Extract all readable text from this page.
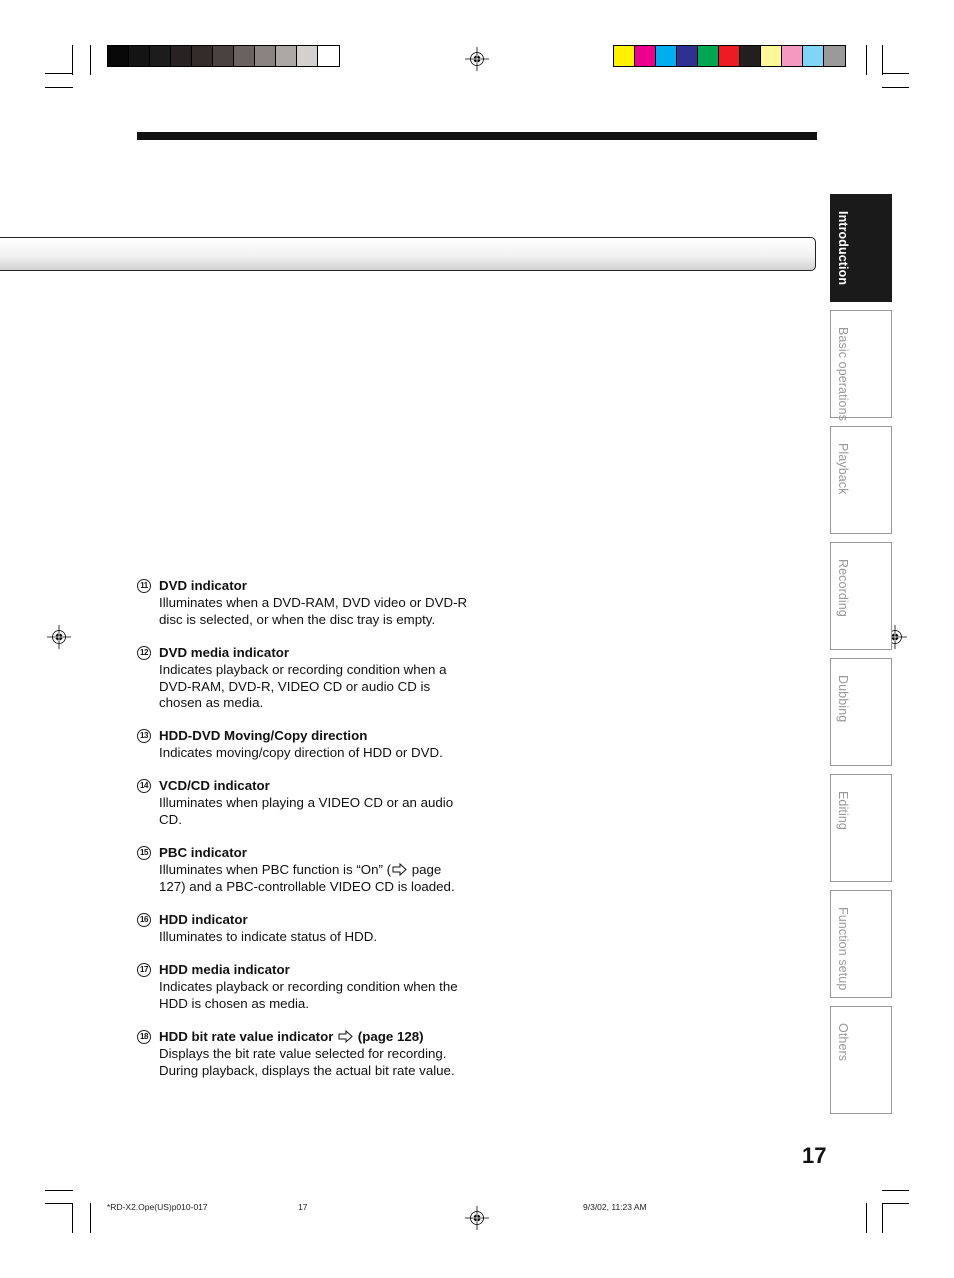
Introduction
Basic operations
Playback
Recording
Dubbing
Editing
Function setup
Others
11 DVD indicator
Illuminates when a DVD-RAM, DVD video or DVD-R disc is selected, or when the disc tray is empty.
12 DVD media indicator
Indicates playback or recording condition when a DVD-RAM, DVD-R, VIDEO CD or audio CD is chosen as media.
13 HDD-DVD Moving/Copy direction
Indicates moving/copy direction of HDD or DVD.
14 VCD/CD indicator
Illuminates when playing a VIDEO CD or an audio CD.
15 PBC indicator
Illuminates when PBC function is “On” ( page 127) and a PBC-controllable VIDEO CD is loaded.
16 HDD indicator
Illuminates to indicate status of HDD.
17 HDD media indicator
Indicates playback or recording condition when the HDD is chosen as media.
18 HDD bit rate value indicator (page 128)
Displays the bit rate value selected for recording. During playback, displays the actual bit rate value.
17
*RD-X2.Ope(US)p010-017	17	9/3/02, 11:23 AM
